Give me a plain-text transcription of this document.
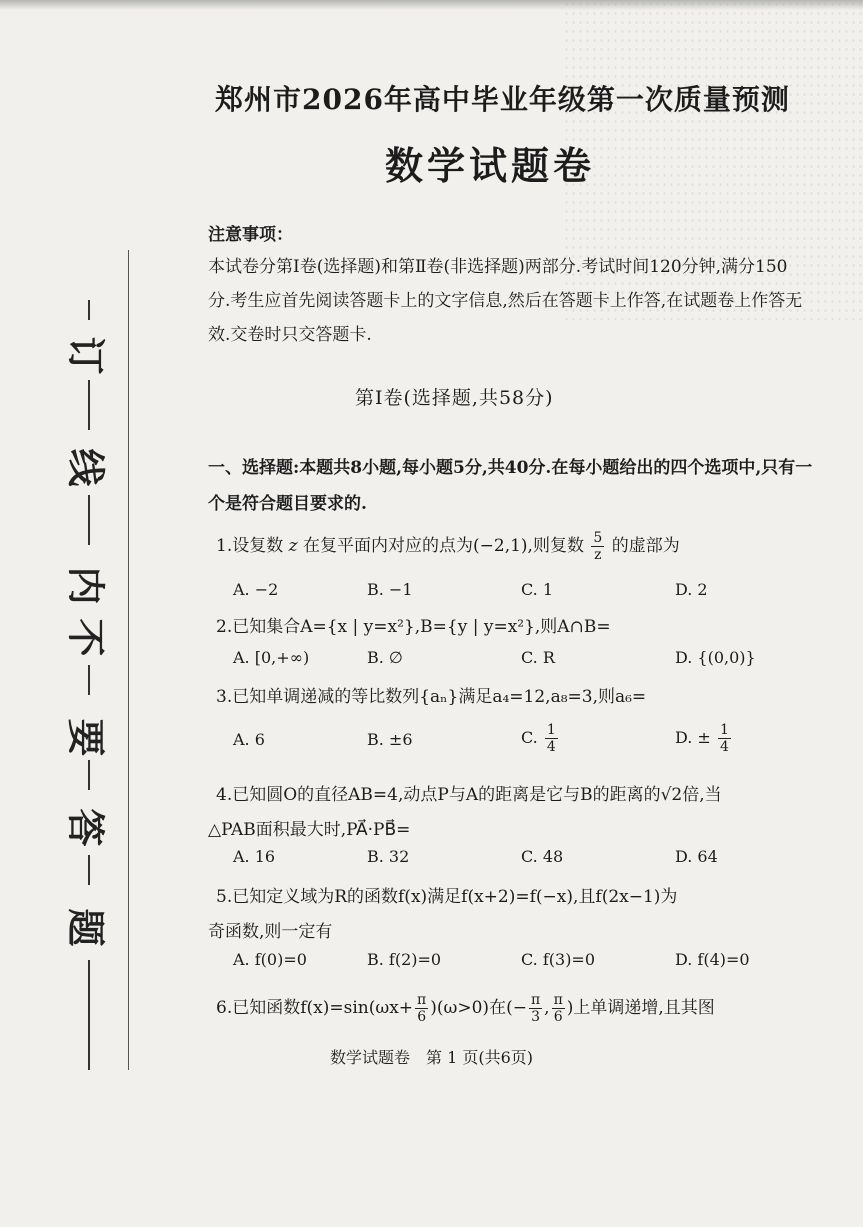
订
线
内
不
要
答
题
郑州市2026年高中毕业年级第一次质量预测
数学试题卷
注意事项：
本试卷分第Ⅰ卷(选择题)和第Ⅱ卷(非选择题)两部分.考试时间120分钟,满分150分.考生应首先阅读答题卡上的文字信息,然后在答题卡上作答,在试题卷上作答无效.交卷时只交答题卡.
第Ⅰ卷(选择题,共58分)
一、选择题:本题共8小题,每小题5分,共40分.在每小题给出的四个选项中,只有一个是符合题目要求的.
1.设复数 z 在复平面内对应的点为(−2,1),则复数 $\frac{5}{z}$ 的虚部为
A. −2	B. −1	C. 1	D. 2
2.已知集合A={x | y=x²},B={y | y=x²},则A∩B=
A. [0,+∞)	B. ∅	C. R	D. {(0,0)}
3.已知单调递减的等比数列{aₙ}满足a₄=12,a₈=3,则a₆=
A. 6	B. ±6	C. $\frac{1}{4}$	D. ± $\frac{1}{4}$
4.已知圆O的直径AB=4,动点P与A的距离是它与B的距离的√2倍,当
△PAB面积最大时,PA⃗·PB⃗=
A. 16	B. 32	C. 48	D. 64
5.已知定义域为R的函数f(x)满足f(x+2)=f(−x),且f(2x−1)为
奇函数,则一定有
A. f(0)=0	B. f(2)=0	C. f(3)=0	D. f(4)=0
6.已知函数$f(x)=\sin(\omega x+ \frac{\pi}{6} )(\omega>0)$在(− $\frac{\pi}{3}$ , $\frac{\pi}{6}$ )上单调递增,且其图
数学试题卷　第 1 页(共6页)
